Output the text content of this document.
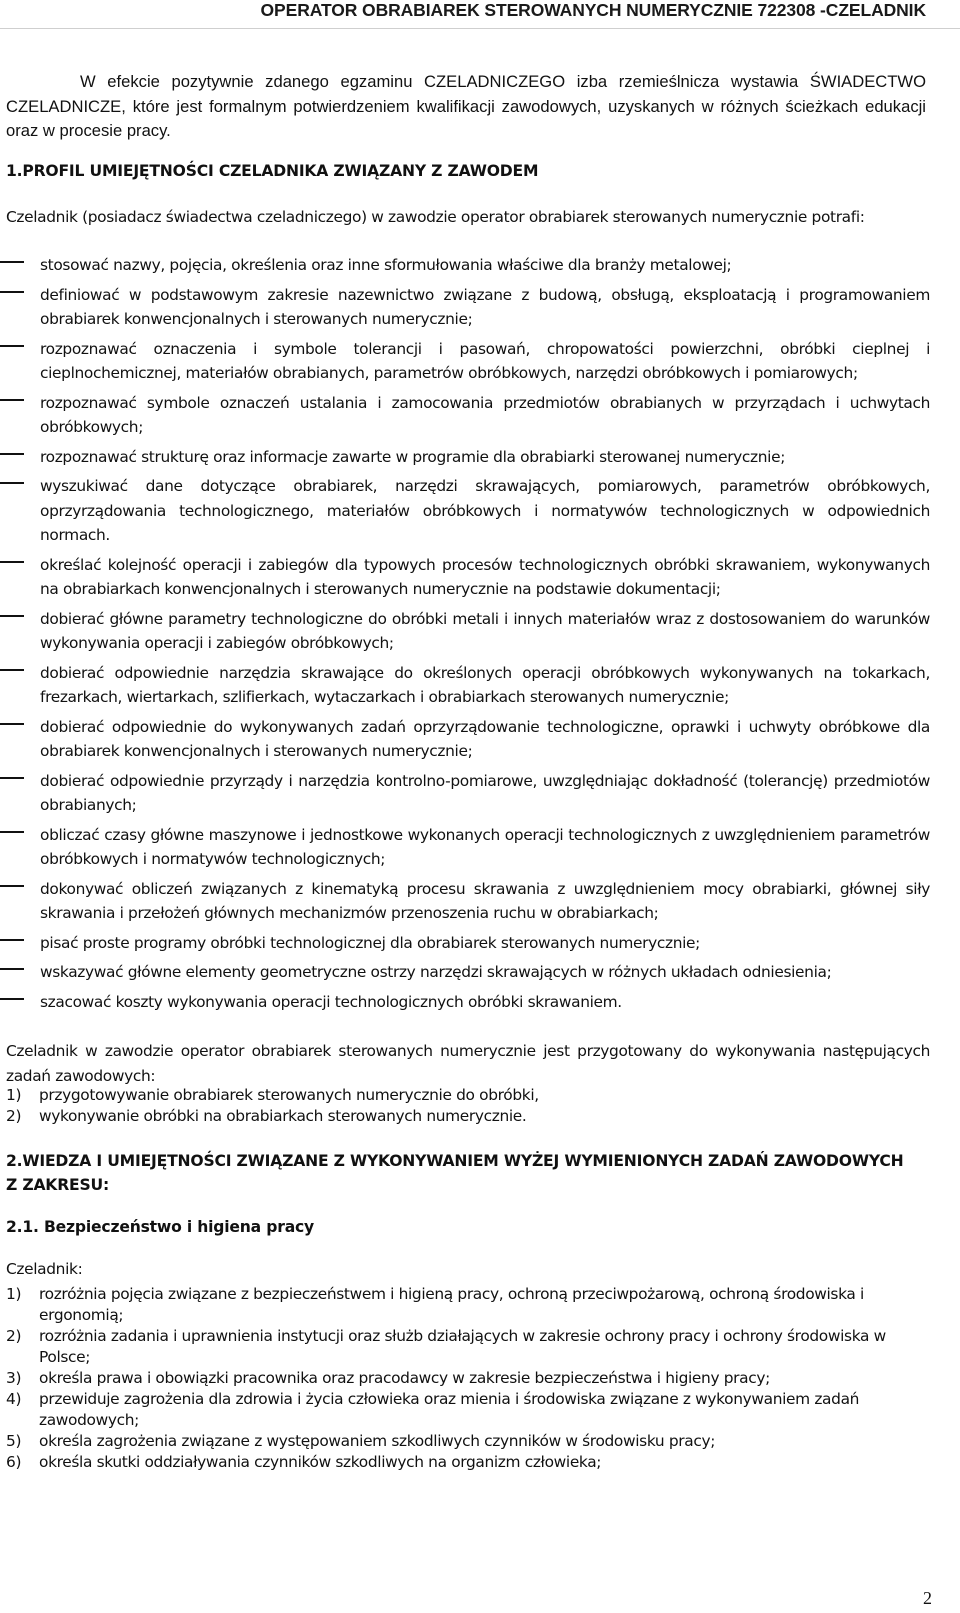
OPERATOR OBRABIAREK STEROWANYCH NUMERYCZNIE 722308 -CZELADNIK
W efekcie pozytywnie zdanego egzaminu CZELADNICZEGO izba rzemieślnicza wystawia ŚWIADECTWO CZELADNICZE, które jest formalnym potwierdzeniem kwalifikacji zawodowych, uzyskanych w różnych ścieżkach edukacji oraz w procesie pracy.
1.PROFIL UMIEJĘTNOŚCI CZELADNIKA ZWIĄZANY Z ZAWODEM
Czeladnik (posiadacz świadectwa czeladniczego) w zawodzie operator obrabiarek sterowanych numerycznie potrafi:
stosować nazwy, pojęcia, określenia oraz inne sformułowania właściwe dla branży metalowej;
definiować w podstawowym zakresie nazewnictwo związane z budową, obsługą, eksploatacją i programowaniem obrabiarek konwencjonalnych i sterowanych numerycznie;
rozpoznawać oznaczenia i symbole tolerancji i pasowań, chropowatości powierzchni, obróbki cieplnej i cieplnochemicznej, materiałów obrabianych, parametrów obróbkowych, narzędzi obróbkowych i pomiarowych;
rozpoznawać symbole oznaczeń ustalania i zamocowania przedmiotów obrabianych w przyrządach i uchwytach obróbkowych;
rozpoznawać strukturę oraz informacje zawarte w programie dla obrabiarki sterowanej numerycznie;
wyszukiwać dane dotyczące obrabiarek, narzędzi skrawających, pomiarowych, parametrów obróbkowych, oprzyrządowania technologicznego, materiałów obróbkowych i normatywów technologicznych w odpowiednich normach.
określać kolejność operacji i zabiegów dla typowych procesów technologicznych obróbki skrawaniem, wykonywanych na obrabiarkach konwencjonalnych i sterowanych numerycznie na podstawie dokumentacji;
dobierać główne parametry technologiczne do obróbki metali i innych materiałów wraz z dostosowaniem do warunków wykonywania operacji i zabiegów obróbkowych;
dobierać odpowiednie narzędzia skrawające do określonych operacji obróbkowych wykonywanych na tokarkach, frezarkach, wiertarkach, szlifierkach, wytaczarkach i obrabiarkach sterowanych numerycznie;
dobierać odpowiednie do wykonywanych zadań oprzyrządowanie technologiczne, oprawki i uchwyty obróbkowe dla obrabiarek konwencjonalnych i sterowanych numerycznie;
dobierać odpowiednie przyrządy i narzędzia kontrolno-pomiarowe, uwzględniając dokładność (tolerancję) przedmiotów obrabianych;
obliczać czasy główne maszynowe i jednostkowe wykonanych operacji technologicznych z uwzględnieniem parametrów obróbkowych i normatywów technologicznych;
dokonywać obliczeń związanych z kinematyką procesu skrawania z uwzględnieniem mocy obrabiarki, głównej siły skrawania i przełożeń głównych mechanizmów przenoszenia ruchu w obrabiarkach;
pisać proste programy obróbki technologicznej dla obrabiarek sterowanych numerycznie;
wskazywać główne elementy geometryczne ostrzy narzędzi skrawających w różnych układach odniesienia;
szacować koszty wykonywania operacji technologicznych obróbki skrawaniem.
Czeladnik w zawodzie operator obrabiarek sterowanych numerycznie jest przygotowany do wykonywania następujących zadań zawodowych:
1) przygotowywanie obrabiarek sterowanych numerycznie do obróbki,
2) wykonywanie obróbki na obrabiarkach sterowanych numerycznie.
2.WIEDZA I UMIEJĘTNOŚCI ZWIĄZANE Z WYKONYWANIEM WYŻEJ WYMIENIONYCH ZADAŃ ZAWODOWYCH Z ZAKRESU:
2.1. Bezpieczeństwo i higiena pracy
Czeladnik:
1) rozróżnia pojęcia związane z bezpieczeństwem i higieną pracy, ochroną przeciwpożarową, ochroną środowiska i ergonomią;
2) rozróżnia zadania i uprawnienia instytucji oraz służb działających w zakresie ochrony pracy i ochrony środowiska w Polsce;
3) określa prawa i obowiązki pracownika oraz pracodawcy w zakresie bezpieczeństwa i higieny pracy;
4) przewiduje zagrożenia dla zdrowia i życia człowieka oraz mienia i środowiska związane z wykonywaniem zadań zawodowych;
5) określa zagrożenia związane z występowaniem szkodliwych czynników w środowisku pracy;
6) określa skutki oddziaływania czynników szkodliwych na organizm człowieka;
2
